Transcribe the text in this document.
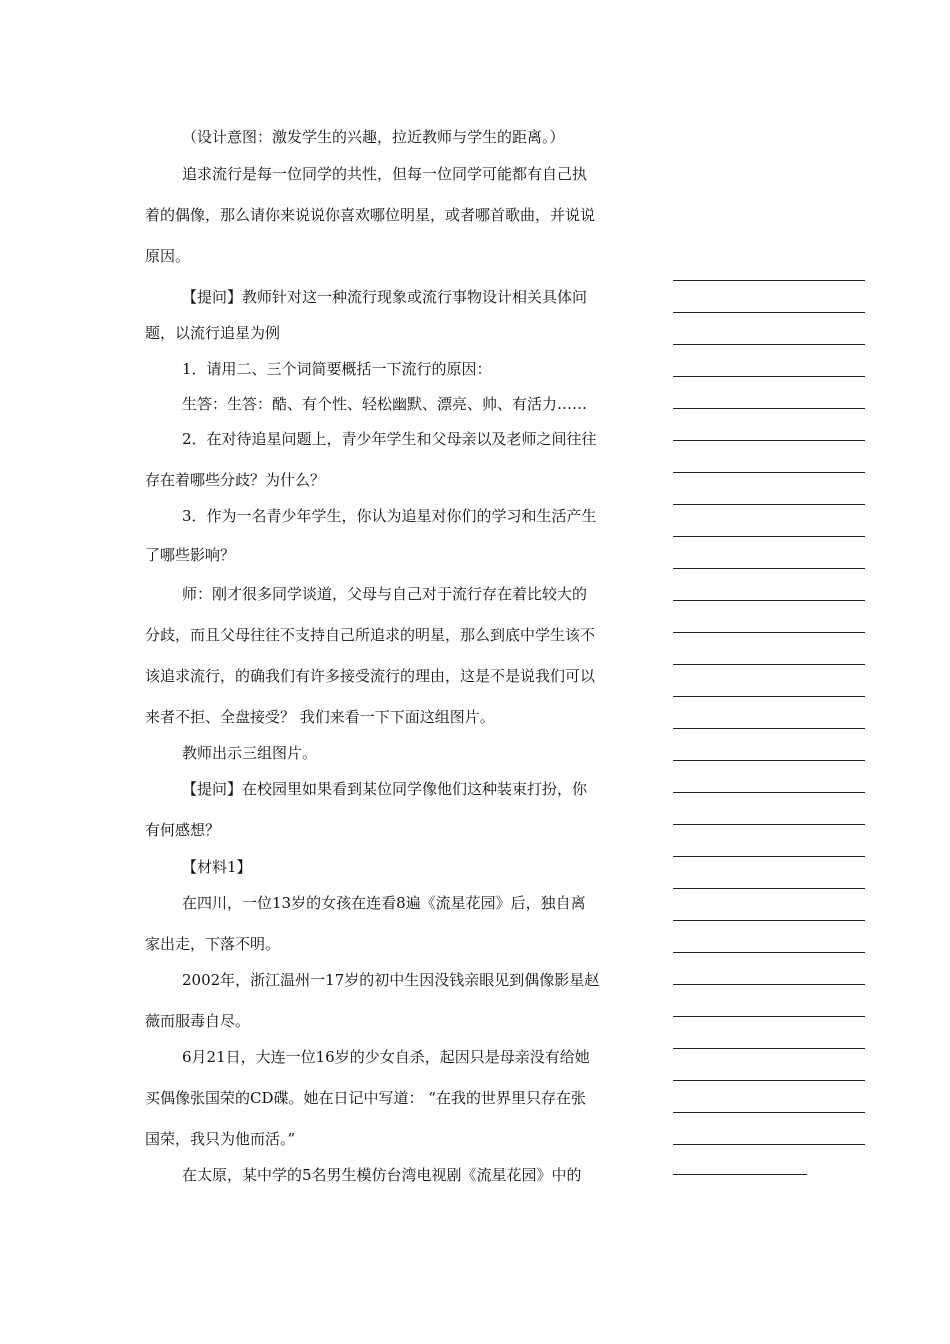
（设计意图：激发学生的兴趣，拉近教师与学生的距离。）
追求流行是每一位同学的共性，但每一位同学可能都有自己执
着的偶像，那么请你来说说你喜欢哪位明星，或者哪首歌曲，并说说
原因。
【提问】教师针对这一种流行现象或流行事物设计相关具体问
题，以流行追星为例
1．请用二、三个词简要概括一下流行的原因：
生答：生答：酷、有个性、轻松幽默、漂亮、帅、有活力……
2．在对待追星问题上，青少年学生和父母亲以及老师之间往往
存在着哪些分歧？为什么？
3．作为一名青少年学生，你认为追星对你们的学习和生活产生
了哪些影响？
师：刚才很多同学谈道，父母与自己对于流行存在着比较大的
分歧，而且父母往往不支持自己所追求的明星，那么到底中学生该不
该追求流行，的确我们有许多接受流行的理由，这是不是说我们可以
来者不拒、全盘接受？ 我们来看一下下面这组图片。
教师出示三组图片。
【提问】在校园里如果看到某位同学像他们这种装束打扮，你
有何感想？
【材料1】
在四川，一位13岁的女孩在连看8遍《流星花园》后，独自离
家出走，下落不明。
2002年，浙江温州一17岁的初中生因没钱亲眼见到偶像影星赵
薇而服毒自尽。
6月21日，大连一位16岁的少女自杀，起因只是母亲没有给她
买偶像张国荣的CD碟。她在日记中写道： “在我的世界里只存在张
国荣，我只为他而活。”
在太原，某中学的5名男生模仿台湾电视剧《流星花园》中的
